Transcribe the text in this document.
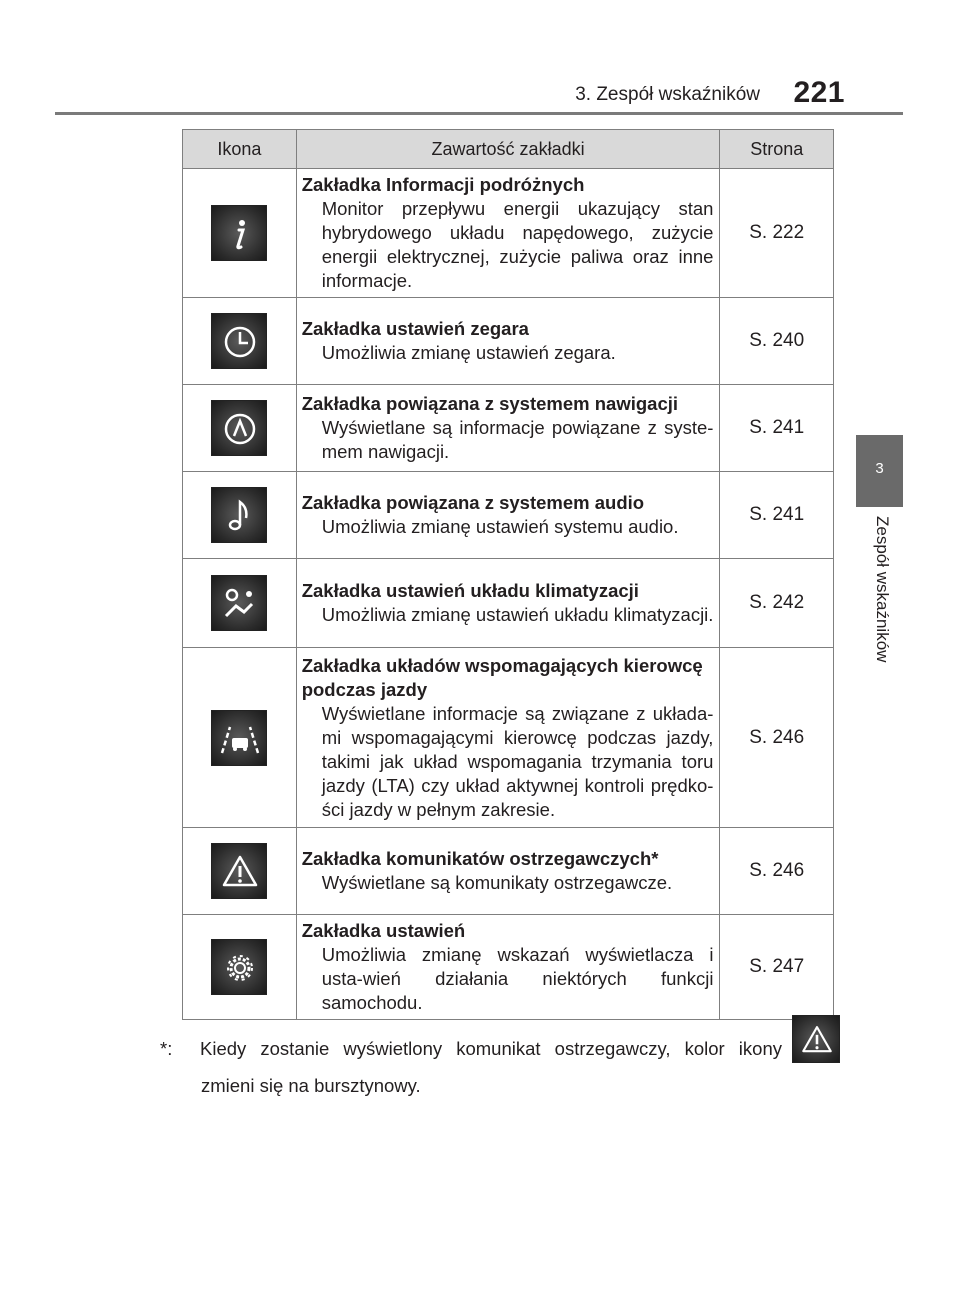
3. Zespół wskaźników 221
3
Zespół wskaźników
Ikona	Zawartość zakładki	Strona

Zakładka Informacji podróżnych
Monitor przepływu energii ukazujący stan hybrydowego układu napędowego, zużycie energii elektrycznej, zużycie paliwa oraz inne informacje.	S. 222

Zakładka ustawień zegara
Umożliwia zmianę ustawień zegara.	S. 240

Zakładka powiązana z systemem nawigacji
Wyświetlane są informacje powiązane z syste-mem nawigacji.	S. 241

Zakładka powiązana z systemem audio
Umożliwia zmianę ustawień systemu audio.	S. 241

Zakładka ustawień układu klimatyzacji
Umożliwia zmianę ustawień układu klimatyzacji.	S. 242

Zakładka układów wspomagających kierowcę podczas jazdy
Wyświetlane informacje są związane z układa-mi wspomagającymi kierowcę podczas jazdy, takimi jak układ wspomagania trzymania toru jazdy (LTA) czy układ aktywnej kontroli prędko-ści jazdy w pełnym zakresie.	S. 246

Zakładka komunikatów ostrzegawczych*
Wyświetlane są komunikaty ostrzegawcze.	S. 246

Zakładka ustawień
Umożliwia zmianę wskazań wyświetlacza i usta-wień działania niektórych funkcji samochodu.	S. 247
*:	Kiedy zostanie wyświetlony komunikat ostrzegawczy, kolor ikony
zmieni się na bursztynowy.
